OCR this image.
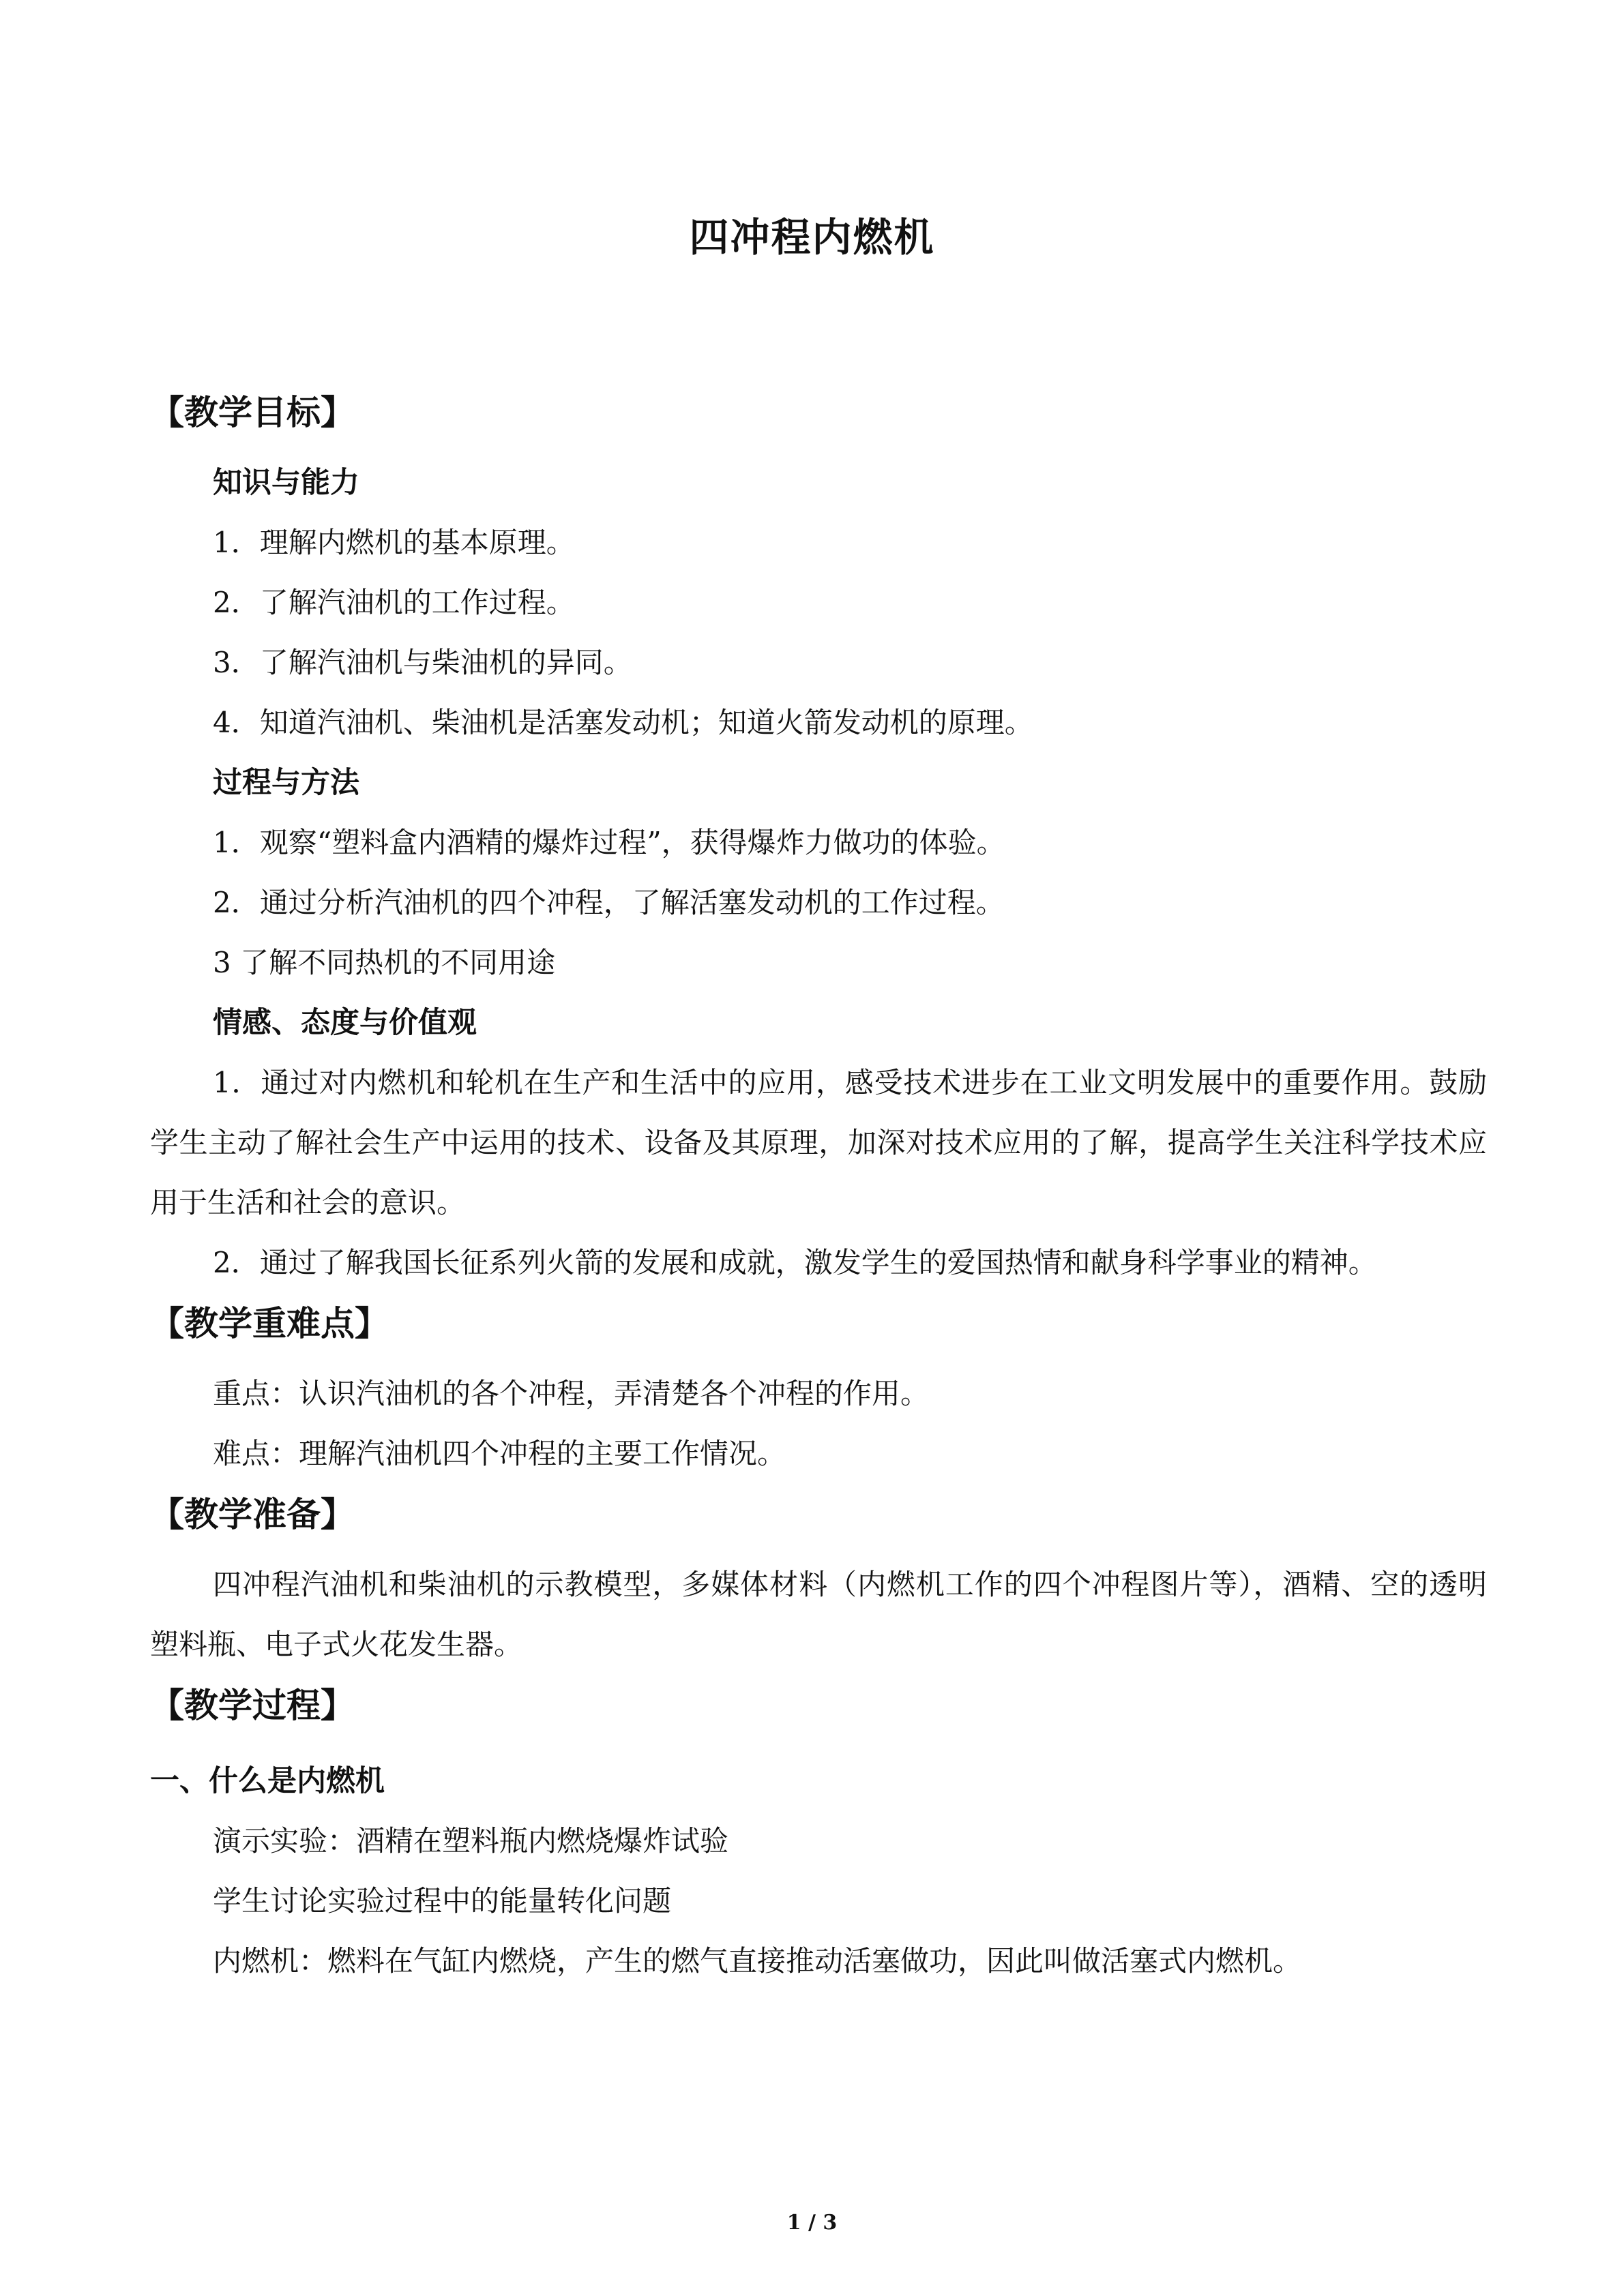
四冲程内燃机
【教学目标】
知识与能力

1．理解内燃机的基本原理。

2．了解汽油机的工作过程。

3．了解汽油机与柴油机的异同。

4．知道汽油机、柴油机是活塞发动机；知道火箭发动机的原理。

过程与方法

1．观察“塑料盒内酒精的爆炸过程”，获得爆炸力做功的体验。

2．通过分析汽油机的四个冲程，了解活塞发动机的工作过程。

3 了解不同热机的不同用途

情感、态度与价值观

1．通过对内燃机和轮机在生产和生活中的应用，感受技术进步在工业文明发展中的重要作用。鼓励学生主动了解社会生产中运用的技术、设备及其原理，加深对技术应用的了解，提高学生关注科学技术应用于生活和社会的意识。

2．通过了解我国长征系列火箭的发展和成就，激发学生的爱国热情和献身科学事业的精神。

【教学重难点】

重点：认识汽油机的各个冲程，弄清楚各个冲程的作用。

难点：理解汽油机四个冲程的主要工作情况。

【教学准备】

四冲程汽油机和柴油机的示教模型，多媒体材料（内燃机工作的四个冲程图片等），酒精、空的透明塑料瓶、电子式火花发生器。

【教学过程】
一、什么是内燃机

演示实验：酒精在塑料瓶内燃烧爆炸试验

学生讨论实验过程中的能量转化问题

内燃机：燃料在气缸内燃烧，产生的燃气直接推动活塞做功，因此叫做活塞式内燃机。

1 / 3
